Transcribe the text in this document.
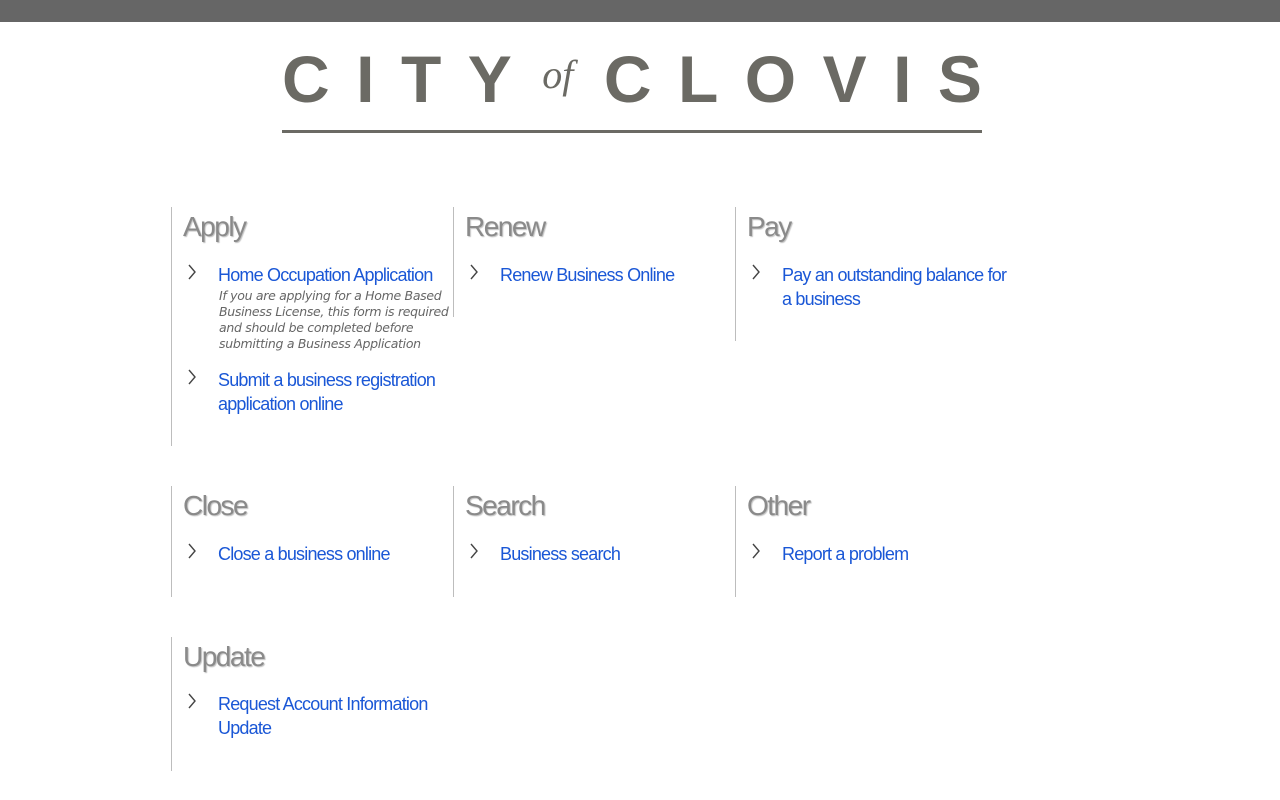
C I T Y of C L O V I S
Apply
Home Occupation Application
If you are applying for a Home Based Business License, this form is required and should be completed before submitting a Business Application
Submit a business registration application online
Renew
Renew Business Online
Pay
Pay an outstanding balance for a business
Close
Close a business online
Search
Business search
Other
Report a problem
Update
Request Account Information Update
